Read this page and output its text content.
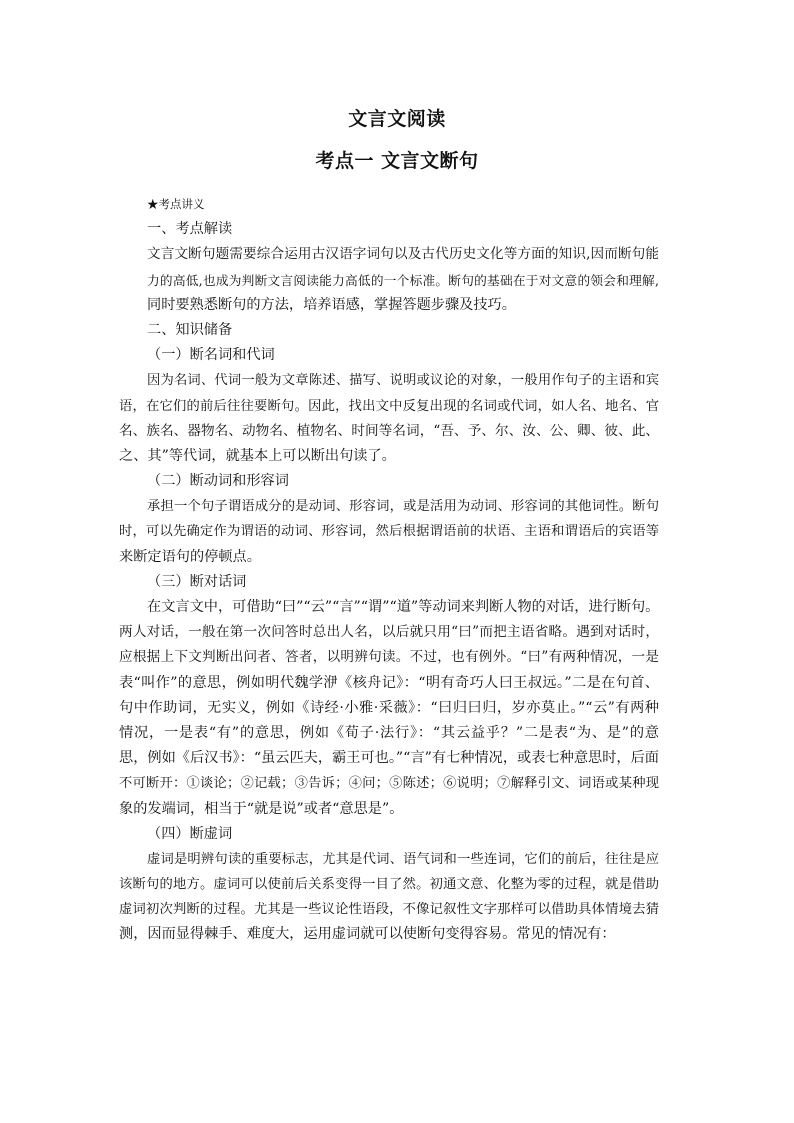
文言文阅读
考点一 文言文断句
★考点讲义
一、考点解读
文言文断句题需要综合运用古汉语字词句以及古代历史文化等方面的知识,因而断句能
力的高低,也成为判断文言阅读能力高低的一个标准。断句的基础在于对文意的领会和理解,
同时要熟悉断句的方法，培养语感，掌握答题步骤及技巧。
二、知识储备
（一）断名词和代词
因为名词、代词一般为文章陈述、描写、说明或议论的对象，一般用作句子的主语和宾
语，在它们的前后往往要断句。因此，找出文中反复出现的名词或代词，如人名、地名、官
名、族名、器物名、动物名、植物名、时间等名词，“吾、予、尔、汝、公、卿、彼、此、
之、其”等代词，就基本上可以断出句读了。
（二）断动词和形容词
承担一个句子谓语成分的是动词、形容词，或是活用为动词、形容词的其他词性。断句
时，可以先确定作为谓语的动词、形容词，然后根据谓语前的状语、主语和谓语后的宾语等
来断定语句的停顿点。
（三）断对话词
在文言文中，可借助“曰”“云”“言”“谓”“道”等动词来判断人物的对话，进行断句。
两人对话，一般在第一次问答时总出人名，以后就只用“曰”而把主语省略。遇到对话时，
应根据上下文判断出问者、答者，以明辨句读。不过，也有例外。“曰”有两种情况，一是
表“叫作”的意思，例如明代魏学洢《核舟记》：“明有奇巧人曰王叔远。”二是在句首、
句中作助词，无实义，例如《诗经·小雅·采薇》：“曰归曰归，岁亦莫止。”“云”有两种
情况，一是表“有”的意思，例如《荀子·法行》：“其云益乎？”二是表“为、是”的意
思，例如《后汉书》：“虽云匹夫，霸王可也。”“言”有七种情况，或表七种意思时，后面
不可断开：①谈论；②记载；③告诉；④问；⑤陈述；⑥说明；⑦解释引文、词语或某种现
象的发端词，相当于“就是说”或者“意思是”。
（四）断虚词
虚词是明辨句读的重要标志，尤其是代词、语气词和一些连词，它们的前后，往往是应
该断句的地方。虚词可以使前后关系变得一目了然。初通文意、化整为零的过程，就是借助
虚词初次判断的过程。尤其是一些议论性语段，不像记叙性文字那样可以借助具体情境去猜
测，因而显得棘手、难度大，运用虚词就可以使断句变得容易。常见的情况有：
